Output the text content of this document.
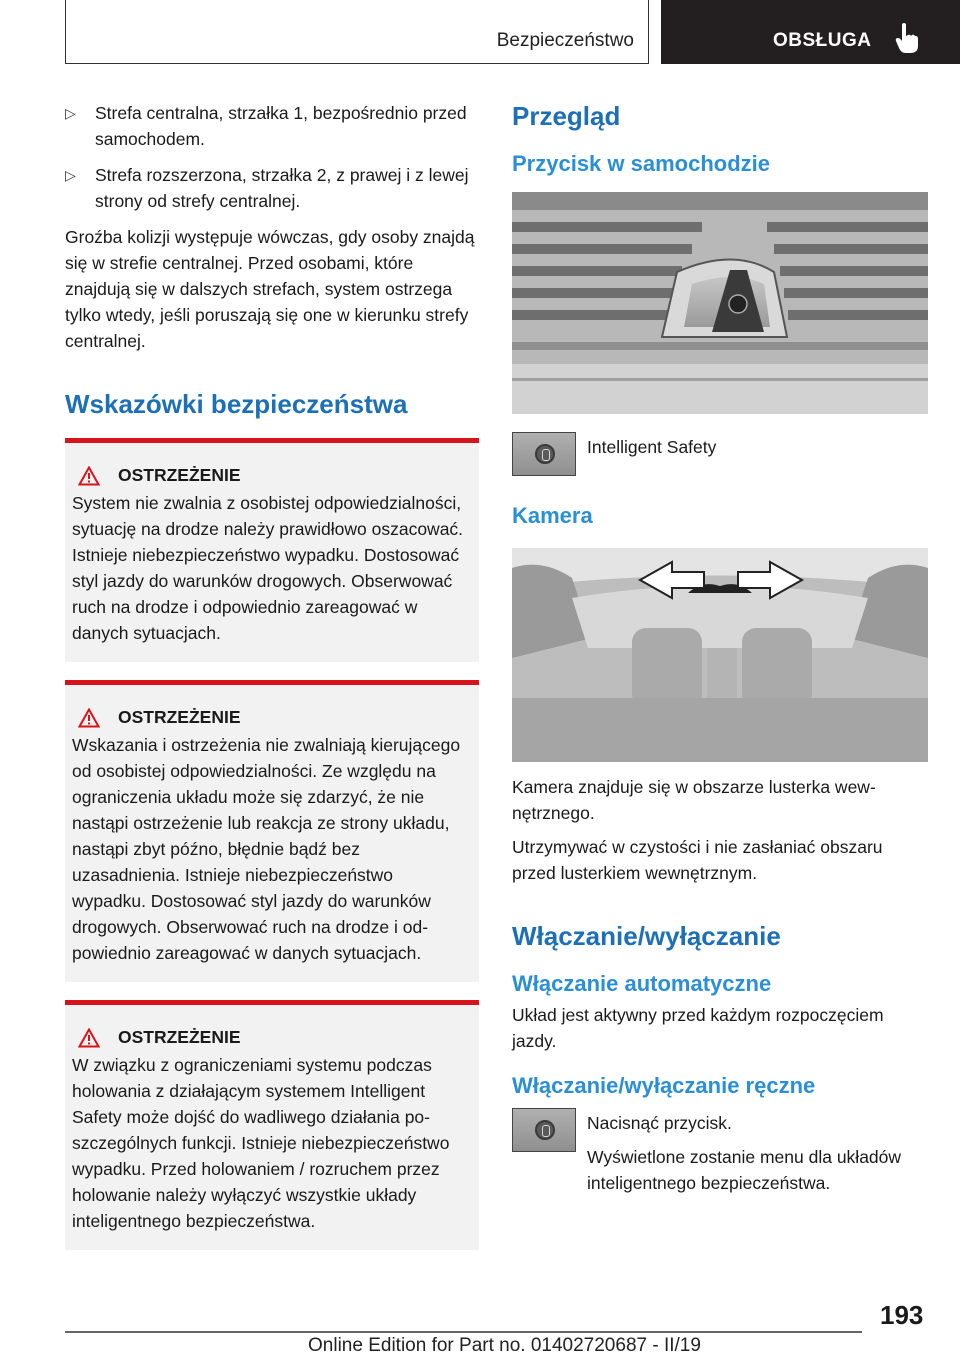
Bezpieczeństwo	OBSŁUGA
▷ Strefa centralna, strzałka 1, bezpośrednio przed samochodem.
▷ Strefa rozszerzona, strzałka 2, z prawej i z lewej strony od strefy centralnej.

Groźba kolizji występuje wówczas, gdy osoby znajdą się w strefie centralnej. Przed osobami, które znajdują się w dalszych strefach, system ostrzega tylko wtedy, jeśli poruszają się one w kierunku strefy centralnej.

Wskazówki bezpieczeństwa
OSTRZEŻENIE

System nie zwalnia z osobistej odpowiedzialności, sytuację na drodze należy prawidłowo oszacować. Istnieje niebezpieczeństwo wypadku. Dostosować styl jazdy do warunków drogowych. Obserwować ruch na drodze i odpowiednio zareagować w danych sytuacjach.

OSTRZEŻENIE

Wskazania i ostrzeżenia nie zwalniają kierującego od osobistej odpowiedzialności. Ze względu na ograniczenia układu może się zdarzyć, że nie nastąpi ostrzeżenie lub reakcja ze strony układu, nastąpi zbyt późno, błędnie bądź bez uzasadnienia. Istnieje niebezpieczeństwo wypadku. Dostosować styl jazdy do warunków drogowych. Obserwować ruch na drodze i odpowiednio zareagować w danych sytuacjach.

OSTRZEŻENIE

W związku z ograniczeniami systemu podczas holowania z działającym systemem Intelligent Safety może dojść do wadliwego działania poszczególnych funkcji. Istnieje niebezpieczeństwo wypadku. Przed holowaniem / rozruchem przez holowanie należy wyłączyć wszystkie układy inteligentnego bezpieczeństwa.

Przegląd
Przycisk w samochodzie
Intelligent Safety
Kamera

Kamera znajduje się w obszarze lusterka wewnętrznego.

Utrzymywać w czystości i nie zasłaniać obszaru przed lusterkiem wewnętrznym.

Włączanie/wyłączanie
Włączanie automatyczne

Układ jest aktywny przed każdym rozpoczęciem jazdy.

Włączanie/wyłączanie ręczne

Nacisnąć przycisk.

Wyświetlone zostanie menu dla układów inteligentnego bezpieczeństwa.

193
Online Edition for Part no. 01402720687 - II/19
